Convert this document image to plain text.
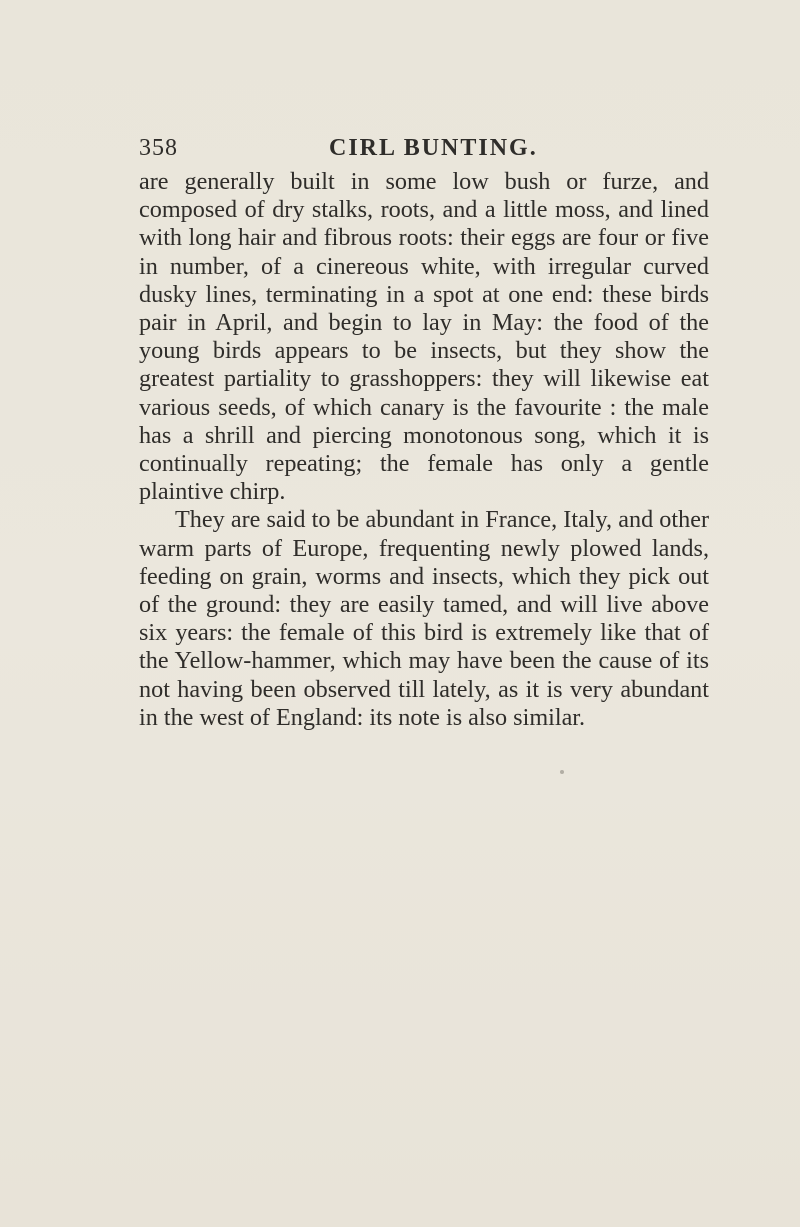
358	CIRL BUNTING.

are generally built in some low bush or furze, and composed of dry stalks, roots, and a little moss, and lined with long hair and fibrous roots: their eggs are four or five in number, of a cinereous white, with irregular curved dusky lines, terminating in a spot at one end: these birds pair in April, and begin to lay in May: the food of the young birds appears to be insects, but they show the greatest partiality to grasshoppers: they will likewise eat various seeds, of which canary is the favourite : the male has a shrill and piercing monotonous song, which it is continually repeating; the female has only a gentle plaintive chirp.

They are said to be abundant in France, Italy, and other warm parts of Europe, frequenting newly plowed lands, feeding on grain, worms and insects, which they pick out of the ground: they are easily tamed, and will live above six years: the female of this bird is extremely like that of the Yellow-hammer, which may have been the cause of its not having been observed till lately, as it is very abundant in the west of England: its note is also similar.
